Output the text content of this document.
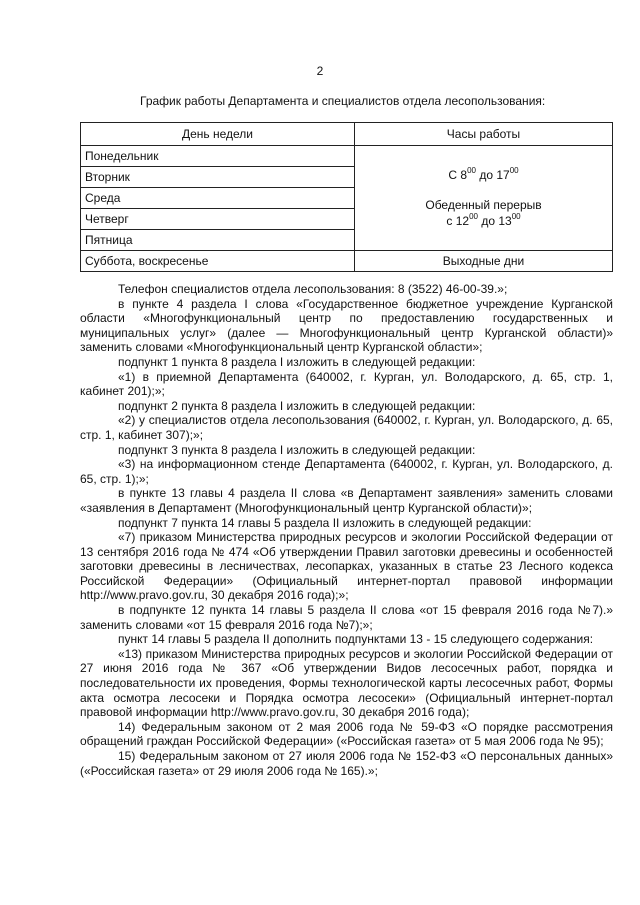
2
График работы Департамента и специалистов отдела лесопользования:
День недели	Часы работы
Понедельник	С $8^{00}$ до $17^{00}$
Обеденный перерыв
с $12^{00}$ до $13^{00}$

Вторник	
Среда	
Четверг	
Пятница	
Суббота, воскресенье	Выходные дни

Телефон специалистов отдела лесопользования: 8 (3522) 46-00-39.»;

в пункте 4 раздела I слова «Государственное бюджетное учреждение Курганской области «Многофункциональный центр по предоставлению государственных и муниципальных услуг» (далее — Многофункциональный центр Курганской области)» заменить словами «Многофункциональный центр Курганской области»;

подпункт 1 пункта 8 раздела I изложить в следующей редакции:

«1) в приемной Департамента (640002, г. Курган, ул. Володарского, д. 65, стр. 1, кабинет 201);»;

подпункт 2 пункта 8 раздела I изложить в следующей редакции:

«2) у специалистов отдела лесопользования (640002, г. Курган, ул. Володарского, д. 65, стр. 1, кабинет 307);»;

подпункт 3 пункта 8 раздела I изложить в следующей редакции:

«3) на информационном стенде Департамента (640002, г. Курган, ул. Володарского, д. 65, стр. 1);»;

в пункте 13 главы 4 раздела II слова «в Департамент заявления» заменить словами «заявления в Департамент (Многофункциональный центр Курганской области)»;

подпункт 7 пункта 14 главы 5 раздела II изложить в следующей редакции:

«7) приказом Министерства природных ресурсов и экологии Российской Федерации от 13 сентября 2016 года № 474 «Об утверждении Правил заготовки древесины и особенностей заготовки древесины в лесничествах, лесопарках, указанных в статье 23 Лесного кодекса Российской Федерации» (Официальный интернет-портал правовой информации http://www.pravo.gov.ru, 30 декабря 2016 года);»;

в подпункте 12 пункта 14 главы 5 раздела II слова «от 15 февраля 2016 года №7).» заменить словами «от 15 февраля 2016 года №7);»;

пункт 14 главы 5 раздела II дополнить подпунктами 13 - 15 следующего содержания:

«13) приказом Министерства природных ресурсов и экологии Российской Федерации от 27 июня 2016 года № 367 «Об утверждении Видов лесосечных работ, порядка и последовательности их проведения, Формы технологической карты лесосечных работ, Формы акта осмотра лесосеки и Порядка осмотра лесосеки» (Официальный интернет-портал правовой информации http://www.pravo.gov.ru, 30 декабря 2016 года);

14) Федеральным законом от 2 мая 2006 года № 59-ФЗ «О порядке рассмотрения обращений граждан Российской Федерации» («Российская газета» от 5 мая 2006 года № 95);

15) Федеральным законом от 27 июля 2006 года № 152-ФЗ «О персональных данных» («Российская газета» от 29 июля 2006 года № 165).»;
